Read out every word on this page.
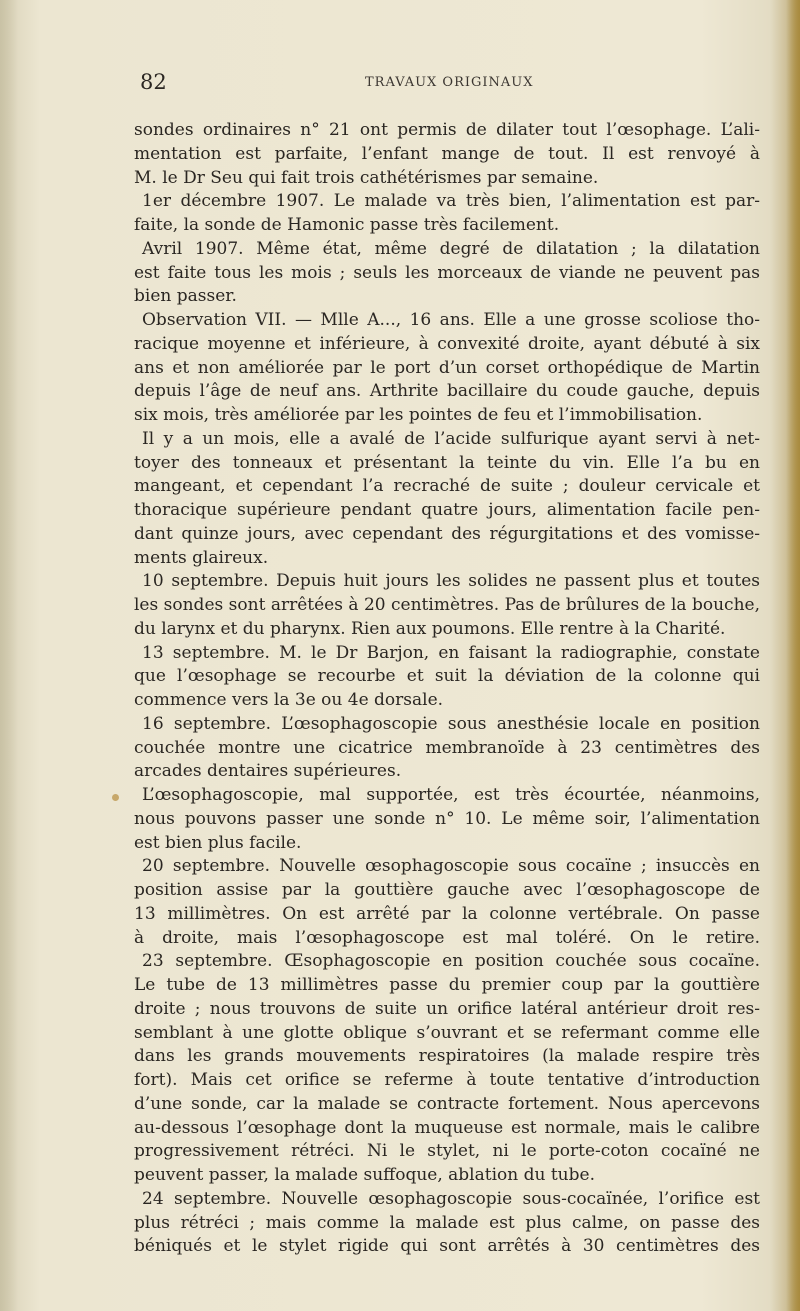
82	TRAVAUX ORIGINAUX
sondes ordinaires n° 21 ont permis de dilater tout l’œsophage. L’ali-
mentation est parfaite, l’enfant mange de tout. Il est renvoyé à
M. le Dr Seu qui fait trois cathétérismes par semaine.
1er décembre 1907. Le malade va très bien, l’alimentation est par-
faite, la sonde de Hamonic passe très facilement.
Avril 1907. Même état, même degré de dilatation ; la dilatation
est faite tous les mois ; seuls les morceaux de viande ne peuvent pas
bien passer.
Observation VII. — Mlle A..., 16 ans. Elle a une grosse scoliose tho-
racique moyenne et inférieure, à convexité droite, ayant débuté à six
ans et non améliorée par le port d’un corset orthopédique de Martin
depuis l’âge de neuf ans. Arthrite bacillaire du coude gauche, depuis
six mois, très améliorée par les pointes de feu et l’immobilisation.
Il y a un mois, elle a avalé de l’acide sulfurique ayant servi à net-
toyer des tonneaux et présentant la teinte du vin. Elle l’a bu en
mangeant, et cependant l’a recraché de suite ; douleur cervicale et
thoracique supérieure pendant quatre jours, alimentation facile pen-
dant quinze jours, avec cependant des régurgitations et des vomisse-
ments glaireux.
10 septembre. Depuis huit jours les solides ne passent plus et toutes
les sondes sont arrêtées à 20 centimètres. Pas de brûlures de la bouche,
du larynx et du pharynx. Rien aux poumons. Elle rentre à la Charité.
13 septembre. M. le Dr Barjon, en faisant la radiographie, constate
que l’œsophage se recourbe et suit la déviation de la colonne qui
commence vers la 3e ou 4e dorsale.
16 septembre. L’œsophagoscopie sous anesthésie locale en position
couchée montre une cicatrice membranoïde à 23 centimètres des
arcades dentaires supérieures.
L’œsophagoscopie, mal supportée, est très écourtée, néanmoins,
nous pouvons passer une sonde n° 10. Le même soir, l’alimentation
est bien plus facile.
20 septembre. Nouvelle œsophagoscopie sous cocaïne ; insuccès en
position assise par la gouttière gauche avec l’œsophagoscope de
13 millimètres. On est arrêté par la colonne vertébrale. On passe
à droite, mais l’œsophagoscope est mal toléré. On le retire.
23 septembre. Œsophagoscopie en position couchée sous cocaïne.
Le tube de 13 millimètres passe du premier coup par la gouttière
droite ; nous trouvons de suite un orifice latéral antérieur droit res-
semblant à une glotte oblique s’ouvrant et se refermant comme elle
dans les grands mouvements respiratoires (la malade respire très
fort). Mais cet orifice se referme à toute tentative d’introduction
d’une sonde, car la malade se contracte fortement. Nous apercevons
au-dessous l’œsophage dont la muqueuse est normale, mais le calibre
progressivement rétréci. Ni le stylet, ni le porte-coton cocaïné ne
peuvent passer, la malade suffoque, ablation du tube.
24 septembre. Nouvelle œsophagoscopie sous-cocaïnée, l’orifice est
plus rétréci ; mais comme la malade est plus calme, on passe des
béniqués et le stylet rigide qui sont arrêtés à 30 centimètres des
